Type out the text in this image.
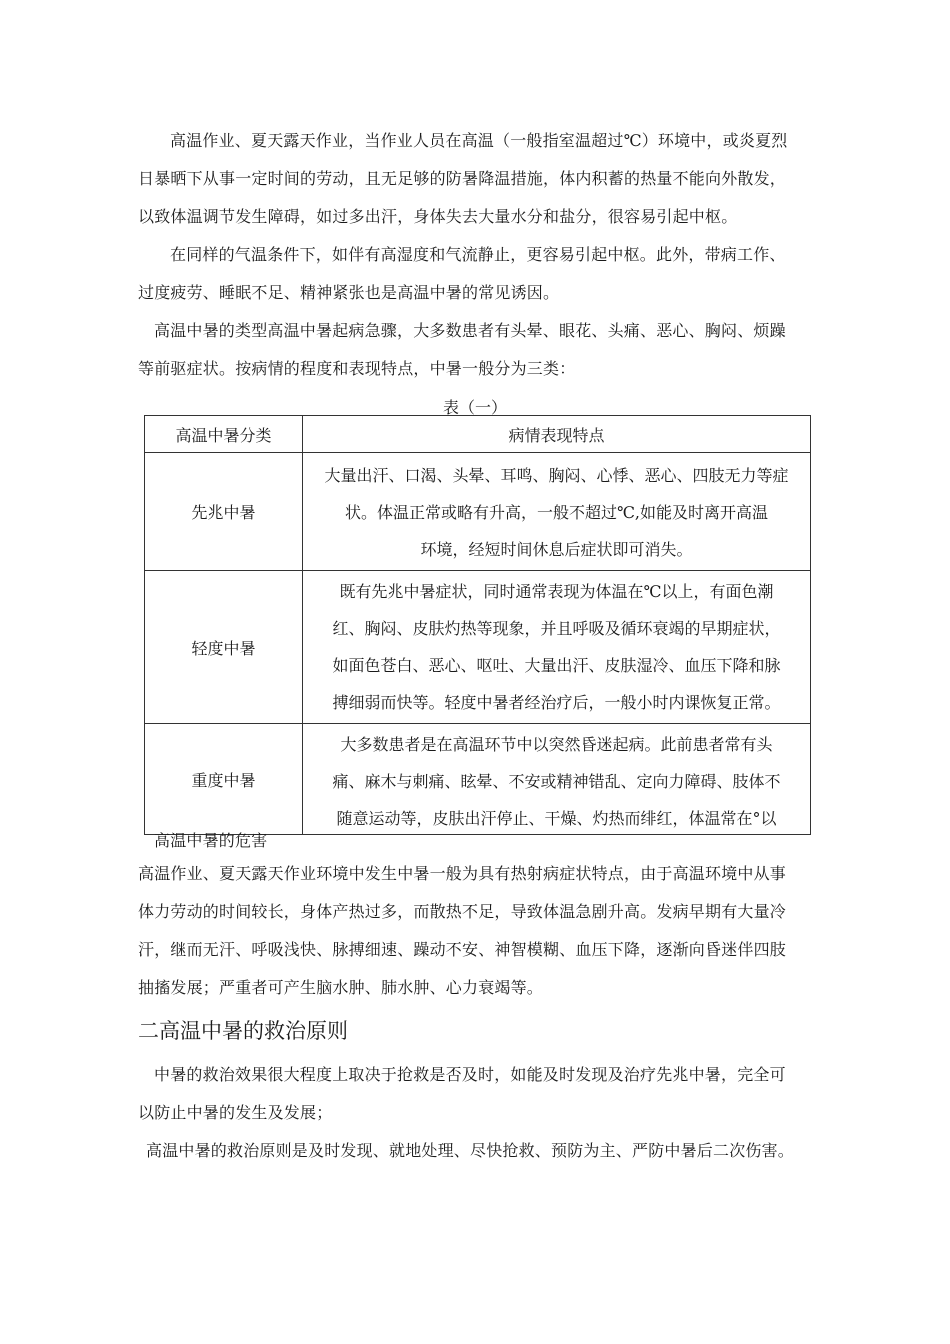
高温作业、夏天露天作业，当作业人员在高温（一般指室温超过℃）环境中，或炎夏烈
日暴晒下从事一定时间的劳动，且无足够的防暑降温措施，体内积蓄的热量不能向外散发，
以致体温调节发生障碍，如过多出汗，身体失去大量水分和盐分，很容易引起中枢。
在同样的气温条件下，如伴有高湿度和气流静止，更容易引起中枢。此外，带病工作、
过度疲劳、睡眠不足、精神紧张也是高温中暑的常见诱因。
高温中暑的类型高温中暑起病急骤，大多数患者有头晕、眼花、头痛、恶心、胸闷、烦躁
等前驱症状。按病情的程度和表现特点，中暑一般分为三类：
表（一）
高温中暑分类	病情表现特点
先兆中暑	大量出汗、口渴、头晕、耳鸣、胸闷、心悸、恶心、四肢无力等症
状。体温正常或略有升高，一般不超过℃,如能及时离开高温
环境，经短时间休息后症状即可消失。

轻度中暑	既有先兆中暑症状，同时通常表现为体温在℃以上，有面色潮
红、胸闷、皮肤灼热等现象，并且呼吸及循环衰竭的早期症状，
如面色苍白、恶心、呕吐、大量出汗、皮肤湿冷、血压下降和脉
搏细弱而快等。轻度中暑者经治疗后，一般小时内课恢复正常。

重度中暑	大多数患者是在高温环节中以突然昏迷起病。此前患者常有头
痛、麻木与刺痛、眩晕、不安或精神错乱、定向力障碍、肢体不
随意运动等，皮肤出汗停止、干燥、灼热而绯红，体温常在°以
高温中暑的危害
高温作业、夏天露天作业环境中发生中暑一般为具有热射病症状特点，由于高温环境中从事
体力劳动的时间较长，身体产热过多，而散热不足，导致体温急剧升高。发病早期有大量冷
汗，继而无汗、呼吸浅快、脉搏细速、躁动不安、神智模糊、血压下降，逐渐向昏迷伴四肢
抽搐发展；严重者可产生脑水肿、肺水肿、心力衰竭等。
二高温中暑的救治原则
中暑的救治效果很大程度上取决于抢救是否及时，如能及时发现及治疗先兆中暑，完全可
以防止中暑的发生及发展；
高温中暑的救治原则是及时发现、就地处理、尽快抢救、预防为主、严防中暑后二次伤害。
